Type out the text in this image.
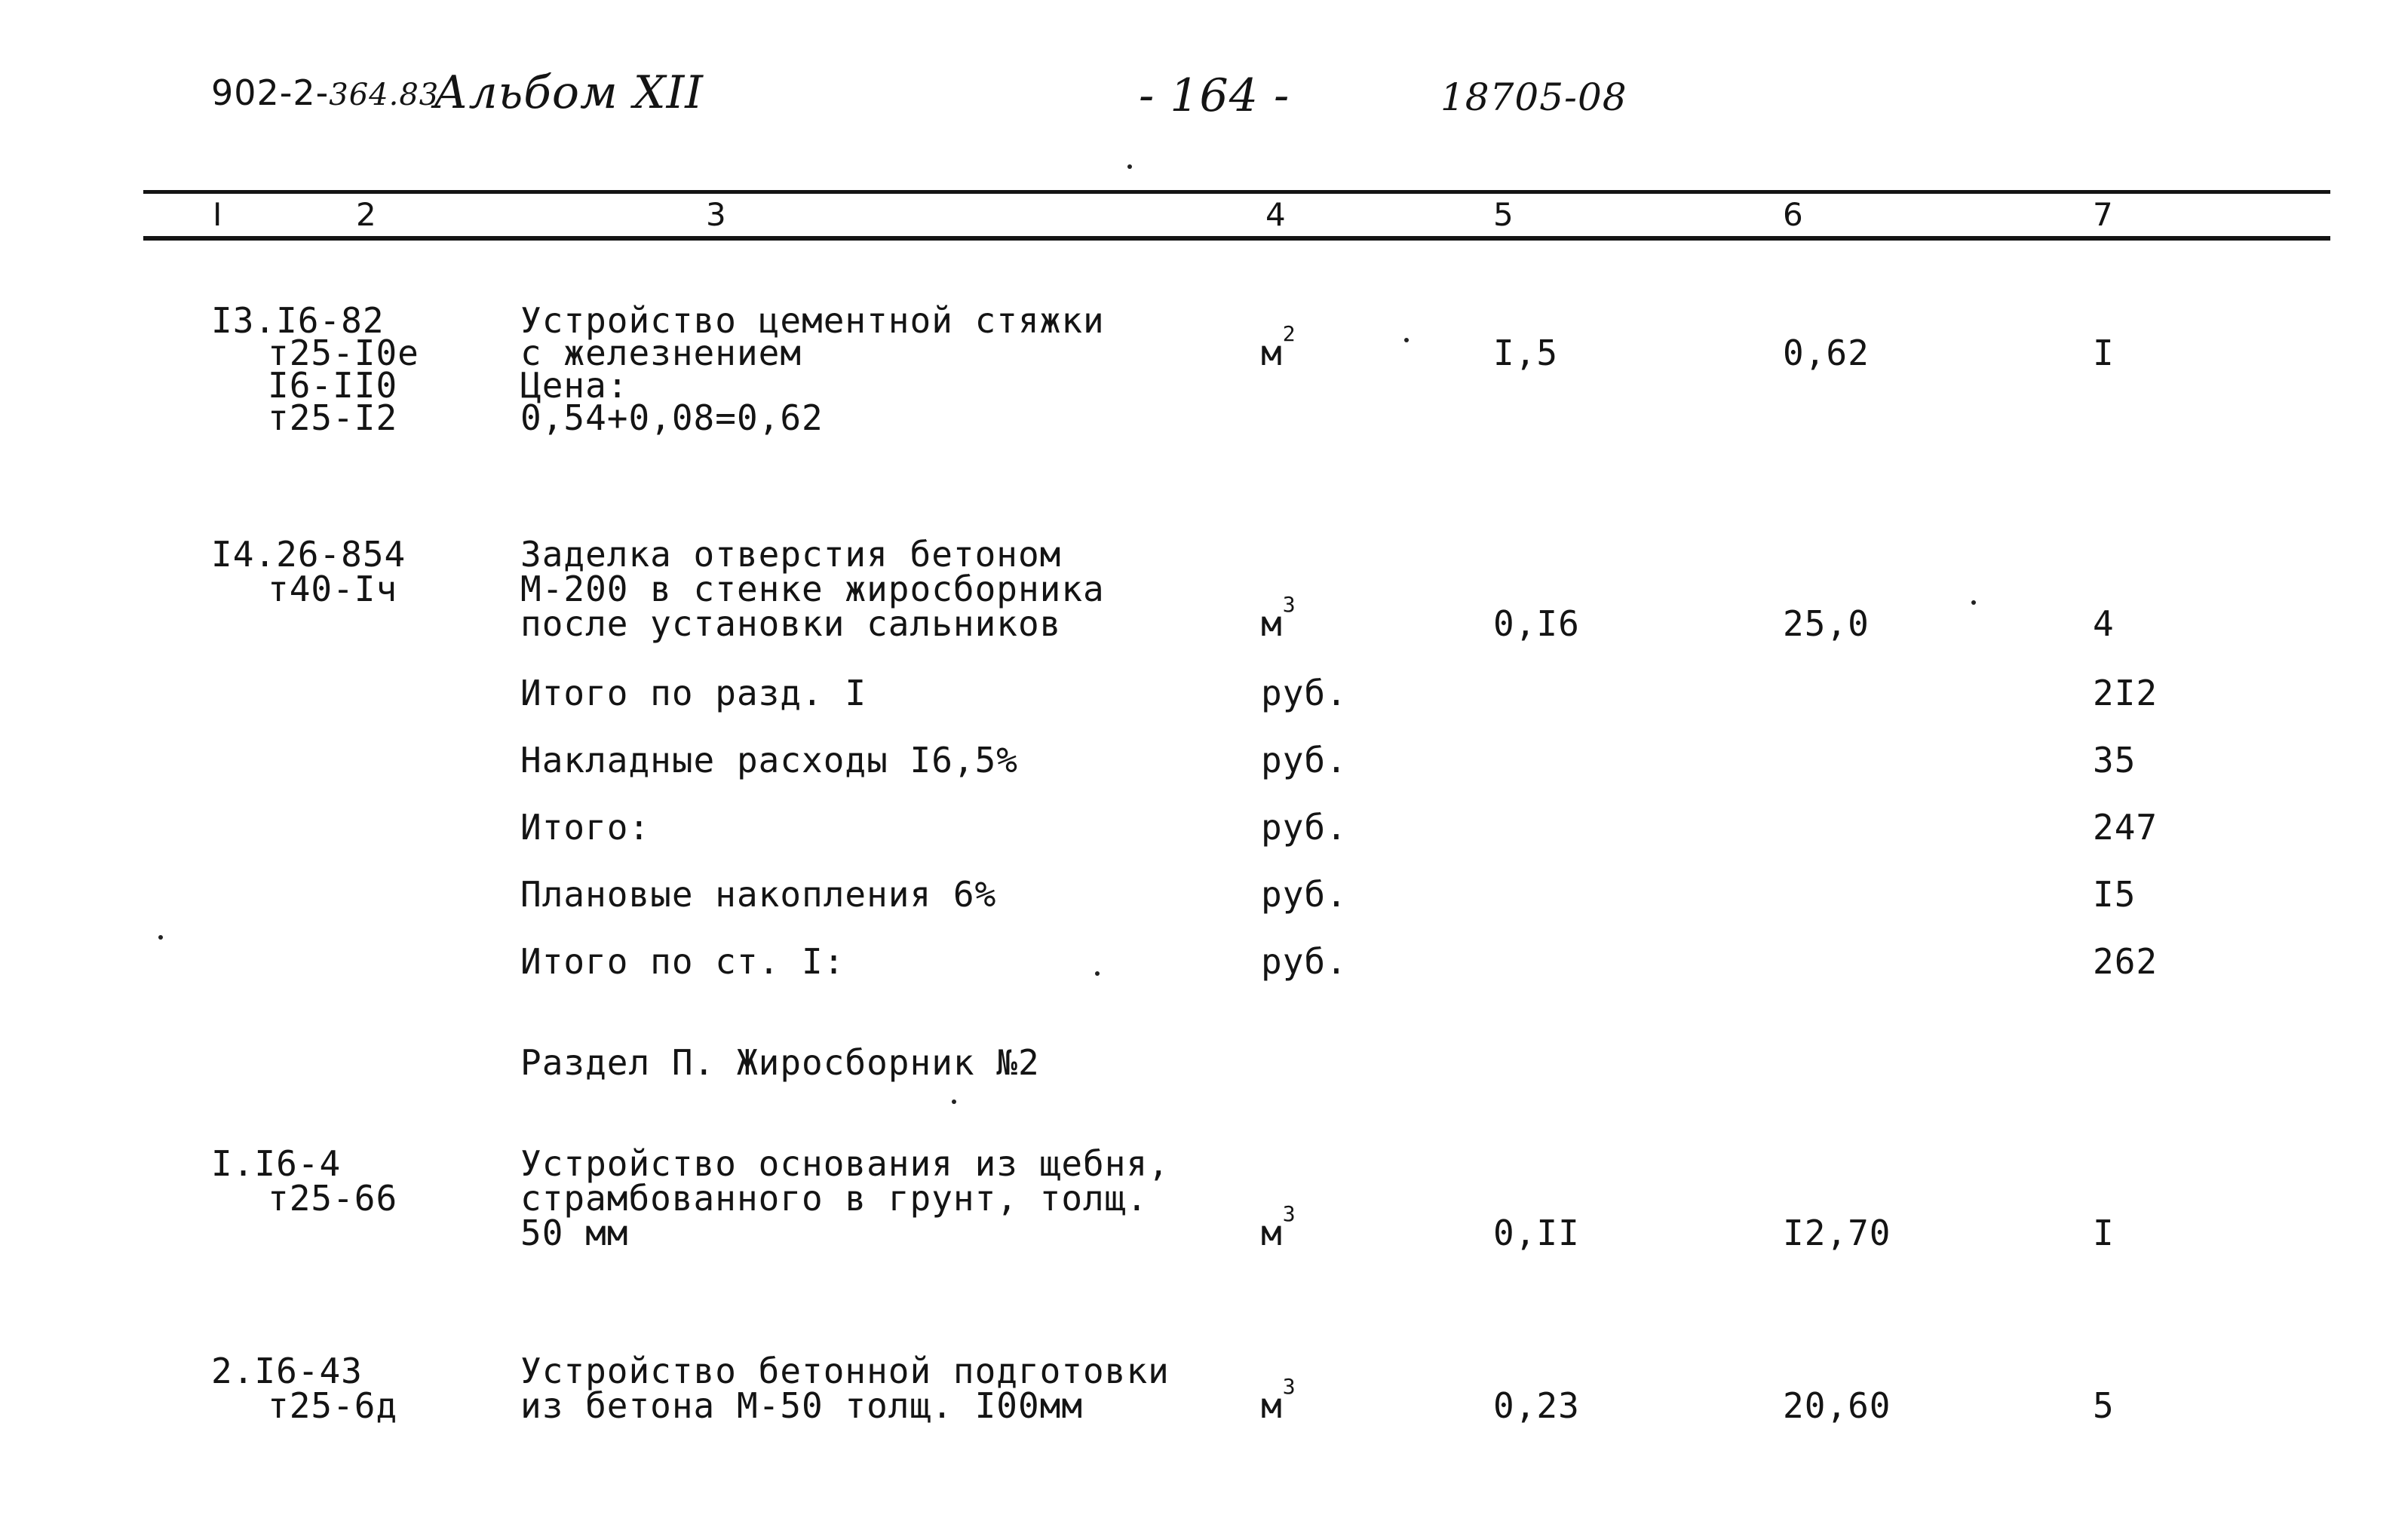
902-2-364.83
Альбом XII	- 164 -	18705-08
I	2	3	4	5	6	7
I3.I6-82
т25-I0е
I6-II0
т25-I2
Устройство цементной стяжки
с железнением
Цена:
0,54+0,08=0,62
$м^2$	I,5	0,62	I
I4.26-854
т40-Iч
Заделка отверстия бетоном
М-200 в стенке жиросборника
после установки сальников	$м^3$	0,I6	25,0	4
Итого по разд. I	руб.	2I2
Накладные расходы I6,5%	руб.	35
Итого:	руб.	247
Плановые накопления 6%	руб.	I5
Итого по ст. I:	руб.	262
Раздел П. Жиросборник №2
I.I6-4
т25-66
Устройство основания из щебня,
страмбованного в грунт, толщ.
50 мм	$м^3$	0,II	I2,70	I
2.I6-43
т25-6д
Устройство бетонной подготовки
из бетона М-50 толщ. I00мм	$м^3$	0,23	20,60	5
